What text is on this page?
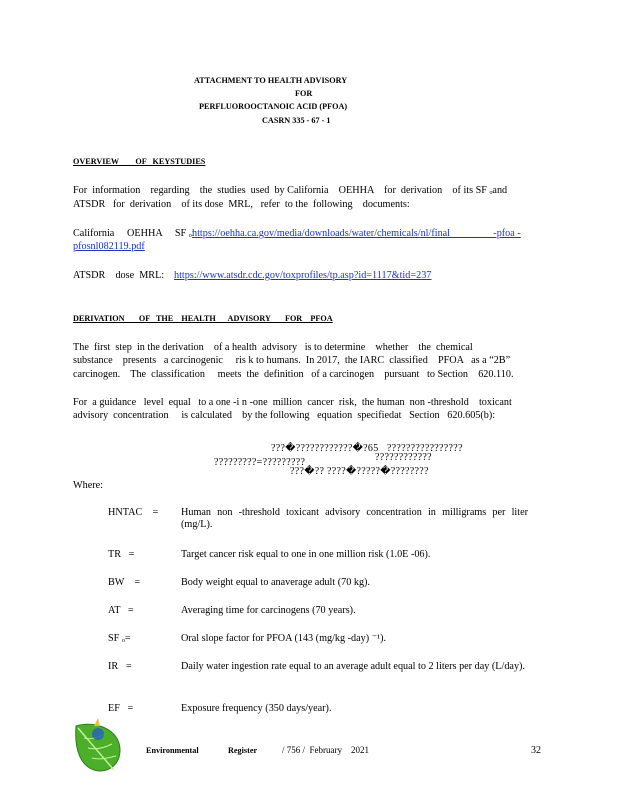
ATTACHMENT TO HEALTH ADVISORY
FOR
PERFLUOROOCTANOIC ACID (PFOA)
CASRN 335 - 67 - 1
OVERVIEW        OF   KEYSTUDIES
For  information    regarding    the  studies  used  by California    OEHHA    for  derivation    of its SF ₒand
ATSDR   for  derivation    of its dose  MRL,   refer  to the  following    documents:
California     OEHHA     SF ₒ:
https://oehha.ca.gov/media/downloads/water/chemicals/nl/final                 -pfoa -
pfosnl082119.pdf
ATSDR    dose  MRL: https://www.atsdr.cdc.gov/toxprofiles/tp.asp?id=1117&tid=237
DERIVATION       OF   THE    HEALTH      ADVISORY       FOR    PFOA
The  first  step  in the derivation    of a health  advisory   is to determine    whether    the  chemical
substance    presents   a carcinogenic     ris k to humans.  In 2017,  the IARC  classified    PFOA   as a “2B”
carcinogen.    The  classification     meets  the  definition   of a carcinogen    pursuant   to Section    620.110.
For  a guidance   level  equal   to a one -i n -one  million  cancer  risk,  the human  non -threshold    toxicant
advisory  concentration     is calculated    by the following   equation  specifiedat   Section   620.605(b):
???�????????????�?65   ????????????????
????????????
?????????=?????????
???�?? ????�?????�????????
Where:
HNTAC    =	Human non -threshold toxicant advisory concentration in milligrams per liter (mg/L).
TR   =	Target cancer risk equal to one in one million risk (1.0E -06).
BW    =	Body weight equal to anaverage adult (70 kg).
AT   =	Averaging time for carcinogens (70 years).
SF ₒ=	Oral slope factor for PFOA (143 (mg/kg -day) ⁻¹).
IR   =	Daily water ingestion rate equal to an average adult equal to 2 liters per day (L/day).
EF   =	Exposure frequency (350 days/year).
Environmental	Register	/ 756 /  February    2021	32
